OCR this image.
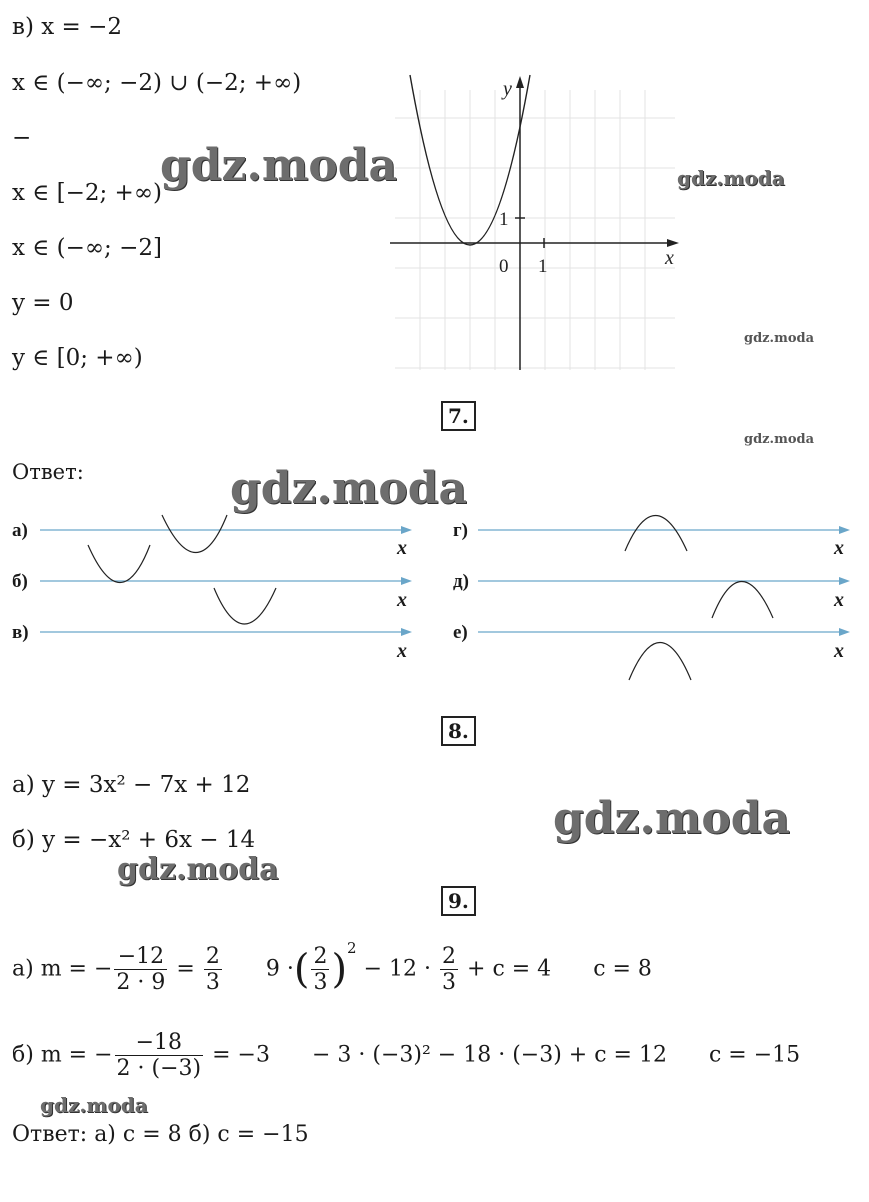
в) x = −2
x ∈ (−∞; −2) ∪ (−2; +∞)
−
x ∈ [−2; +∞)
x ∈ (−∞; −2]
y = 0
y ∈ [0; +∞)
y
x
0 1
1
7.
Ответ:
а)
б)
в)
x
x
x
г)
д)
е)
x
x
x
8.
а) y = 3x² − 7x + 12
б) y = −x² + 6x − 14
9.
а) m = − $\frac{-12}{2 \cdot 9} = \frac{2}{3} 9$ ·( $\frac{2}{3} )^2 - 12 \cdot \frac{2}{3} + c = 4$ c = 8
б) m = − $\frac{-18}{2 \cdot (-3)} = -3 - 3 \cdot (-3)^2 - 18 \cdot (-3) + c = 12$ c = −15
Ответ: а) c = 8 б) c = −15
gdz.moda	gdz.moda
gdz.moda
gdz.moda
gdz.moda
gdz.moda
gdz.moda
gdz.moda
